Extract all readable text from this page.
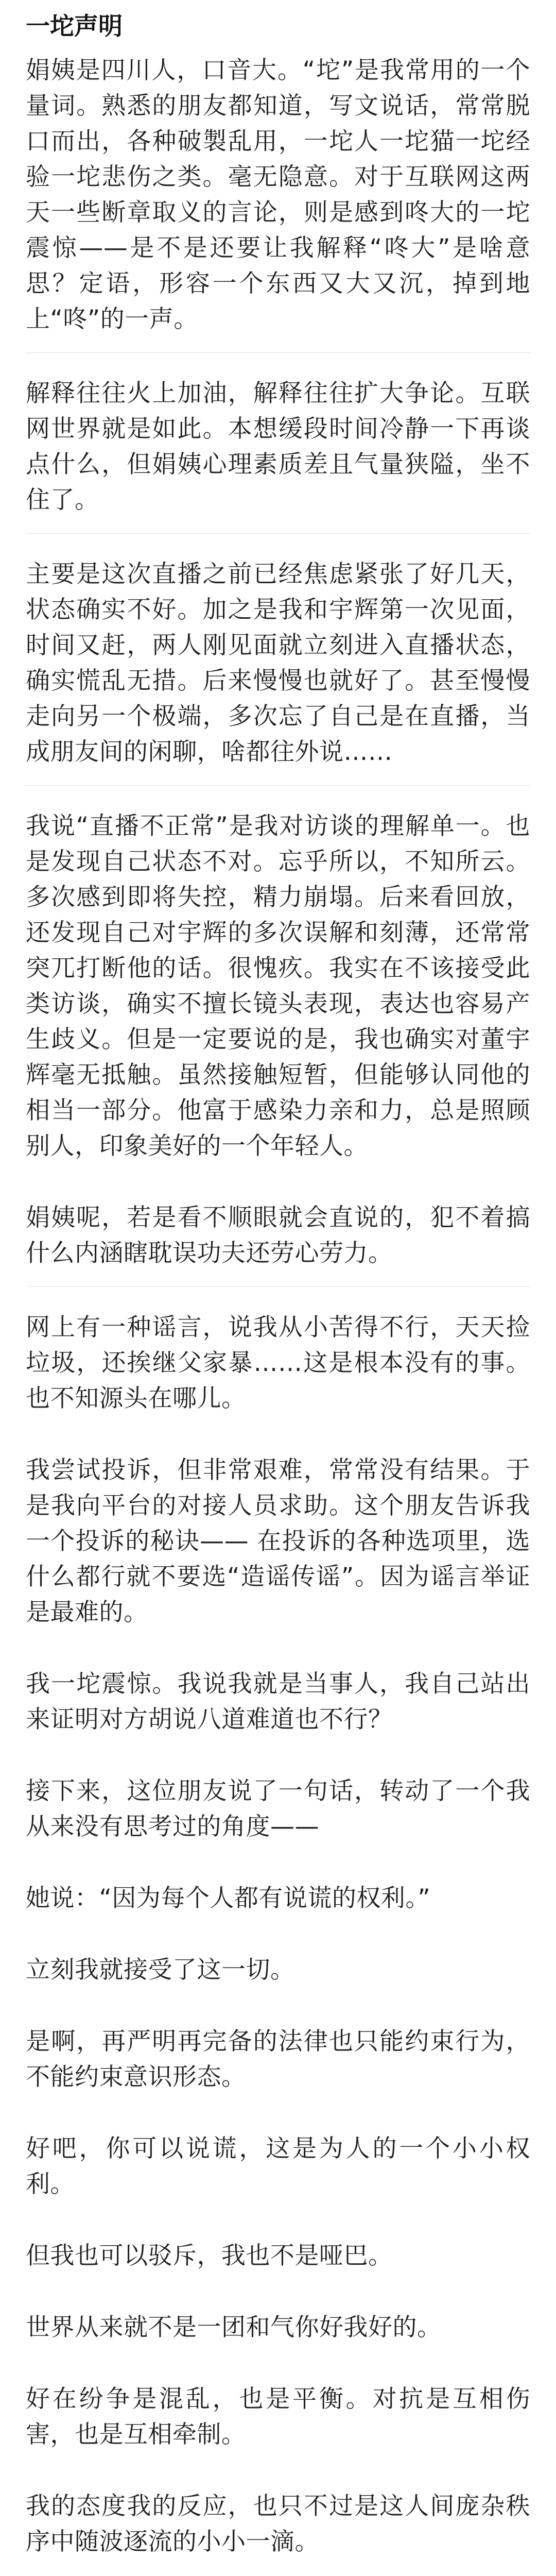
一坨声明

娟姨是四川人，口音大。“坨”是我常用的一个量词。熟悉的朋友都知道，写文说话，常常脱口而出，各种破製乱用，一坨人一坨猫一坨经验一坨悲伤之类。毫无隐意。对于互联网这两天一些断章取义的言论，则是感到咚大的一坨震惊——是不是还要让我解释“咚大”是啥意思？定语，形容一个东西又大又沉，掉到地上“咚”的一声。

解释往往火上加油，解释往往扩大争论。互联网世界就是如此。本想缓段时间冷静一下再谈点什么，但娟姨心理素质差且气量狭隘，坐不住了。

主要是这次直播之前已经焦虑紧张了好几天，状态确实不好。加之是我和宇辉第一次见面，时间又赶，两人刚见面就立刻进入直播状态，确实慌乱无措。后来慢慢也就好了。甚至慢慢走向另一个极端，多次忘了自己是在直播，当成朋友间的闲聊，啥都往外说……

我说“直播不正常”是我对访谈的理解单一。也是发现自己状态不对。忘乎所以，不知所云。多次感到即将失控，精力崩塌。后来看回放，还发现自己对宇辉的多次误解和刻薄，还常常突兀打断他的话。很愧疚。我实在不该接受此类访谈，确实不擅长镜头表现，表达也容易产生歧义。但是一定要说的是，我也确实对董宇辉毫无抵触。虽然接触短暂，但能够认同他的相当一部分。他富于感染力亲和力，总是照顾别人，印象美好的一个年轻人。

娟姨呢，若是看不顺眼就会直说的，犯不着搞什么内涵瞎耽误功夫还劳心劳力。

网上有一种谣言，说我从小苦得不行，天天捡垃圾，还挨继父家暴……这是根本没有的事。也不知源头在哪儿。

我尝试投诉，但非常艰难，常常没有结果。于是我向平台的对接人员求助。这个朋友告诉我一个投诉的秘诀—— 在投诉的各种选项里，选什么都行就不要选“造谣传谣”。因为谣言举证是最难的。

我一坨震惊。我说我就是当事人，我自己站出来证明对方胡说八道难道也不行？

接下来，这位朋友说了一句话，转动了一个我从来没有思考过的角度——

她说：“因为每个人都有说谎的权利。”

立刻我就接受了这一切。

是啊，再严明再完备的法律也只能约束行为，不能约束意识形态。

好吧，你可以说谎，这是为人的一个小小权利。

但我也可以驳斥，我也不是哑巴。

世界从来就不是一团和气你好我好的。

好在纷争是混乱，也是平衡。对抗是互相伤害，也是互相牵制。

我的态度我的反应，也只不过是这人间庞杂秩序中随波逐流的小小一滴。
